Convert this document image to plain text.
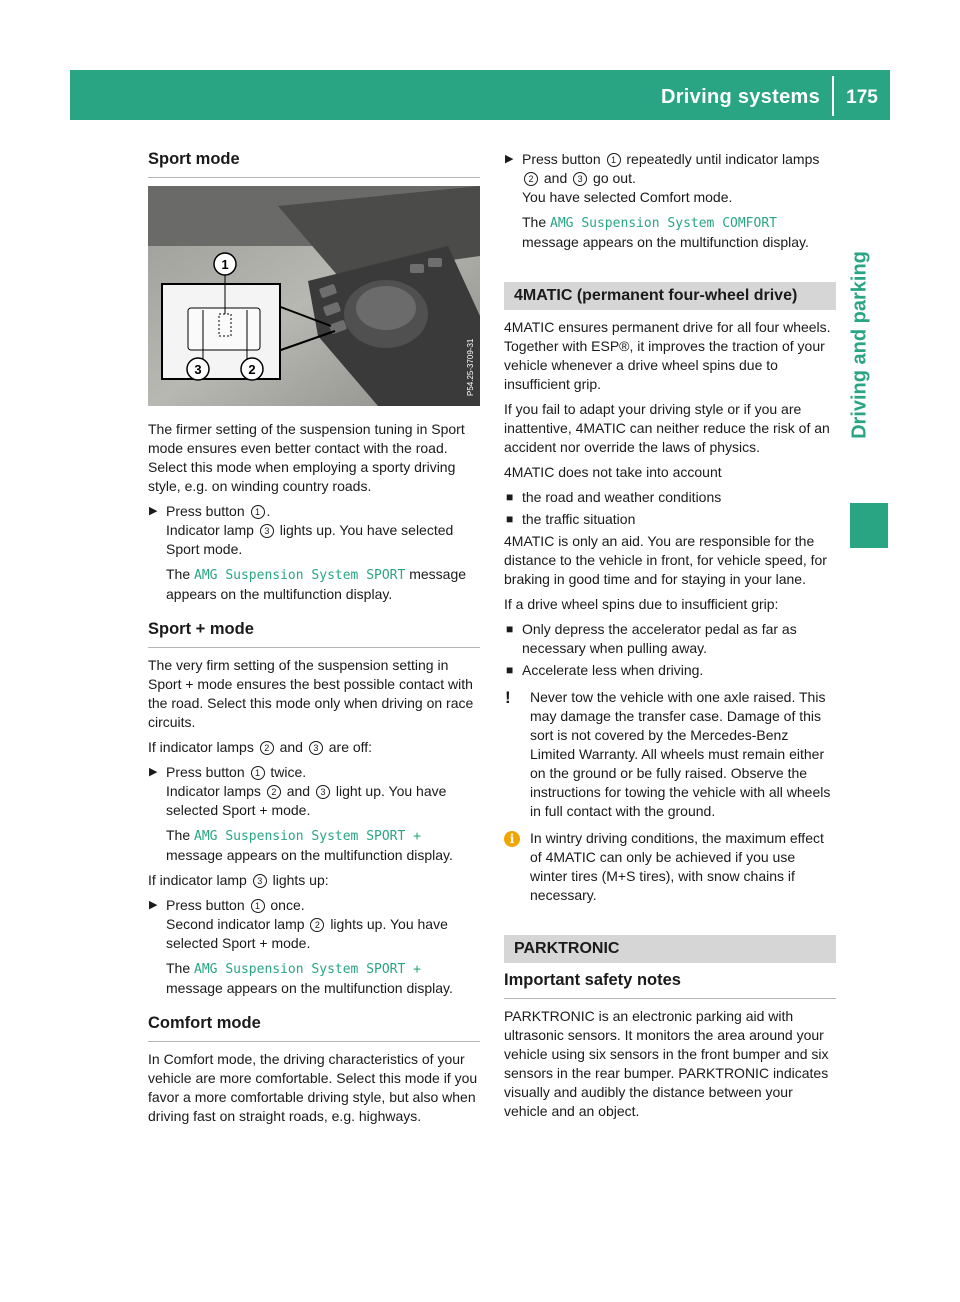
Driving systems	175
Driving and parking
Sport mode
1
3	2	P54.25-3709-31

The firmer setting of the suspension tuning in Sport mode ensures even better contact with the road. Select this mode when employing a sporty driving style, e.g. on winding country roads.

▶ Press button 1 .
Indicator lamp 3 lights up. You have selected Sport mode.

The AMG Suspension System SPORT message appears on the multifunction display.

Sport + mode

The very firm setting of the suspension setting in Sport + mode ensures the best possible contact with the road. Select this mode only when driving on race circuits.

If indicator lamps 2 and 3 are off:

▶ Press button 1 twice.
Indicator lamps 2 and 3 light up. You have selected Sport + mode.

The AMG Suspension System SPORT + message appears on the multifunction display.

If indicator lamp 3 lights up:

▶ Press button 1 once.
Second indicator lamp 2 lights up. You have selected Sport + mode.

The AMG Suspension System SPORT + message appears on the multifunction display.

Comfort mode

In Comfort mode, the driving characteristics of your vehicle are more comfortable. Select this mode if you favor a more comfortable driving style, but also when driving fast on straight roads, e.g. highways.

▶ Press button 1 repeatedly until indicator lamps 2 and 3 go out.
You have selected Comfort mode.

The AMG Suspension System COMFORT message appears on the multifunction display.

4MATIC (permanent four-wheel drive)

4MATIC ensures permanent drive for all four wheels. Together with ESP®, it improves the traction of your vehicle whenever a drive wheel spins due to insufficient grip.

If you fail to adapt your driving style or if you are inattentive, 4MATIC can neither reduce the risk of an accident nor override the laws of physics.

4MATIC does not take into account

■ the road and weather conditions
■ the traffic situation

4MATIC is only an aid. You are responsible for the distance to the vehicle in front, for vehicle speed, for braking in good time and for staying in your lane.

If a drive wheel spins due to insufficient grip:

■ Only depress the accelerator pedal as far as necessary when pulling away.
■ Accelerate less when driving.
! Never tow the vehicle with one axle raised. This may damage the transfer case. Damage of this sort is not covered by the Mercedes-Benz Limited Warranty. All wheels must remain either on the ground or be fully raised. Observe the instructions for towing the vehicle with all wheels in full contact with the ground.
i	In wintry driving conditions, the maximum effect of 4MATIC can only be achieved if you use winter tires (M+S tires), with snow chains if necessary.
PARKTRONIC
Important safety notes

PARKTRONIC is an electronic parking aid with ultrasonic sensors. It monitors the area around your vehicle using six sensors in the front bumper and six sensors in the rear bumper. PARKTRONIC indicates visually and audibly the distance between your vehicle and an object.
